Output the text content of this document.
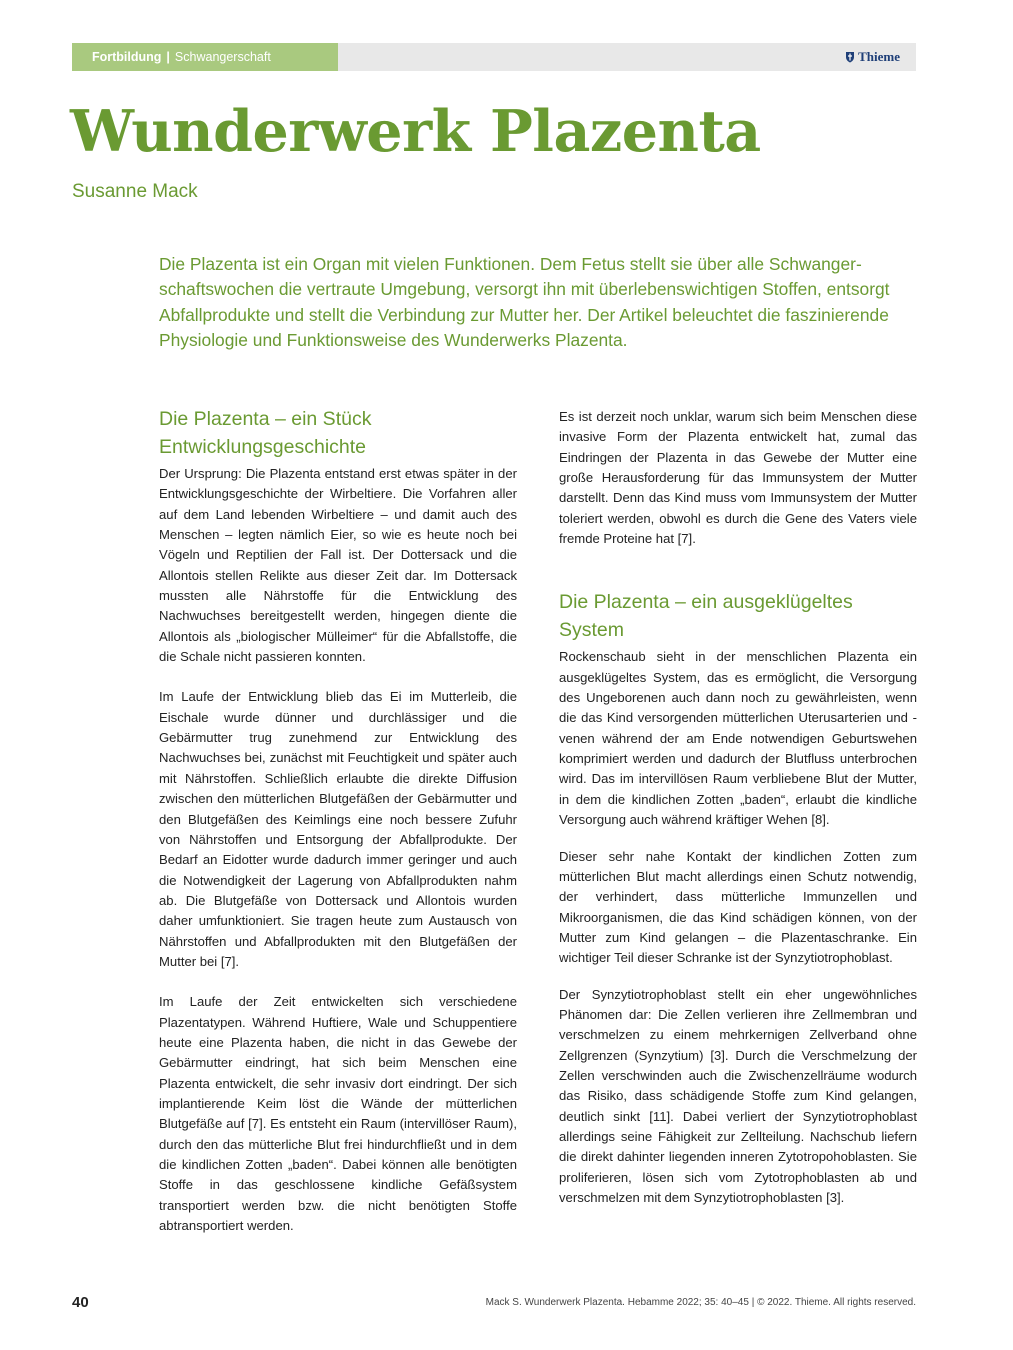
Fortbildung | Schwangerschaft	Thieme
Wunderwerk Plazenta
Susanne Mack

Die Plazenta ist ein Organ mit vielen Funktionen. Dem Fetus stellt sie über alle Schwangerschaftswochen die vertraute Umgebung, versorgt ihn mit überlebenswichtigen Stoffen, entsorgt Abfallprodukte und stellt die Verbindung zur Mutter her. Der Artikel beleuchtet die faszinierende Physiologie und Funktionsweise des Wunderwerks Plazenta.

Die Plazenta – ein Stück Entwicklungsgeschichte

Der Ursprung: Die Plazenta entstand erst etwas später in der Entwicklungsgeschichte der Wirbeltiere. Die Vorfahren aller auf dem Land lebenden Wirbeltiere – und damit auch des Menschen – legten nämlich Eier, so wie es heute noch bei Vögeln und Reptilien der Fall ist. Der Dottersack und die Allontois stellen Relikte aus dieser Zeit dar. Im Dottersack mussten alle Nährstoffe für die Entwicklung des Nachwuchses bereitgestellt werden, hingegen diente die Allontois als „biologischer Mülleimer“ für die Abfallstoffe, die die Schale nicht passieren konnten.

Im Laufe der Entwicklung blieb das Ei im Mutterleib, die Eischale wurde dünner und durchlässiger und die Gebärmutter trug zunehmend zur Entwicklung des Nachwuchses bei, zunächst mit Feuchtigkeit und später auch mit Nährstoffen. Schließlich erlaubte die direkte Diffusion zwischen den mütterlichen Blutgefäßen der Gebärmutter und den Blutgefäßen des Keimlings eine noch bessere Zufuhr von Nährstoffen und Entsorgung der Abfallprodukte. Der Bedarf an Eidotter wurde dadurch immer geringer und auch die Notwendigkeit der Lagerung von Abfallprodukten nahm ab. Die Blutgefäße von Dottersack und Allontois wurden daher umfunktioniert. Sie tragen heute zum Austausch von Nährstoffen und Abfallprodukten mit den Blutgefäßen der Mutter bei [7].

Im Laufe der Zeit entwickelten sich verschiedene Plazentatypen. Während Huftiere, Wale und Schuppentiere heute eine Plazenta haben, die nicht in das Gewebe der Gebärmutter eindringt, hat sich beim Menschen eine Plazenta entwickelt, die sehr invasiv dort eindringt. Der sich implantierende Keim löst die Wände der mütterlichen Blutgefäße auf [7]. Es entsteht ein Raum (intervillöser Raum), durch den das mütterliche Blut frei hindurchfließt und in dem die kindlichen Zotten „baden“. Dabei können alle benötigten Stoffe in das geschlossene kindliche Gefäßsystem transportiert werden bzw. die nicht benötigten Stoffe abtransportiert werden.

Es ist derzeit noch unklar, warum sich beim Menschen diese invasive Form der Plazenta entwickelt hat, zumal das Eindringen der Plazenta in das Gewebe der Mutter eine große Herausforderung für das Immunsystem der Mutter darstellt. Denn das Kind muss vom Immunsystem der Mutter toleriert werden, obwohl es durch die Gene des Vaters viele fremde Proteine hat [7].

Die Plazenta – ein ausgeklügeltes System

Rockenschaub sieht in der menschlichen Plazenta ein ausgeklügeltes System, das es ermöglicht, die Versorgung des Ungeborenen auch dann noch zu gewährleisten, wenn die das Kind versorgenden mütterlichen Uterusarterien und -venen während der am Ende notwendigen Geburtswehen komprimiert werden und dadurch der Blutfluss unterbrochen wird. Das im intervillösen Raum verbliebene Blut der Mutter, in dem die kindlichen Zotten „baden“, erlaubt die kindliche Versorgung auch während kräftiger Wehen [8].

Dieser sehr nahe Kontakt der kindlichen Zotten zum mütterlichen Blut macht allerdings einen Schutz notwendig, der verhindert, dass mütterliche Immunzellen und Mikroorganismen, die das Kind schädigen können, von der Mutter zum Kind gelangen – die Plazentaschranke. Ein wichtiger Teil dieser Schranke ist der Synzytiotrophoblast.

Der Synzytiotrophoblast stellt ein eher ungewöhnliches Phänomen dar: Die Zellen verlieren ihre Zellmembran und verschmelzen zu einem mehrkernigen Zellverband ohne Zellgrenzen (Synzytium) [3]. Durch die Verschmelzung der Zellen verschwinden auch die Zwischenzellräume wodurch das Risiko, dass schädigende Stoffe zum Kind gelangen, deutlich sinkt [11]. Dabei verliert der Synzytiotrophoblast allerdings seine Fähigkeit zur Zellteilung. Nachschub liefern die direkt dahinter liegenden inneren Zytotropohoblasten. Sie proliferieren, lösen sich vom Zytotrophoblasten ab und verschmelzen mit dem Synzytiotrophoblasten [3].

40	Mack S. Wunderwerk Plazenta. Hebamme 2022; 35: 40–45 | © 2022. Thieme. All rights reserved.
